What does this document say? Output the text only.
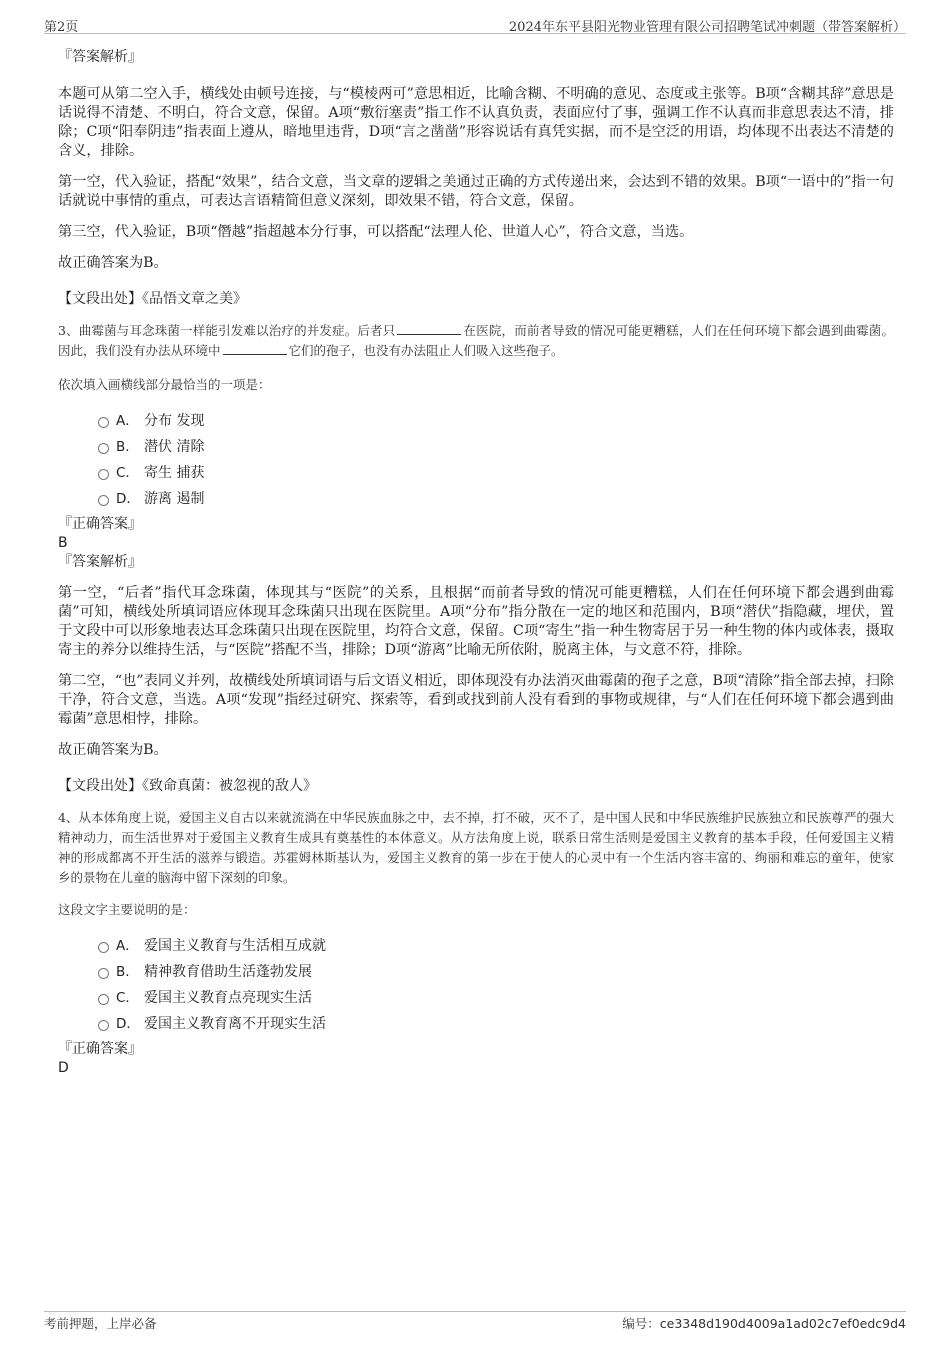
第2页	2024年东平县阳光物业管理有限公司招聘笔试冲刺题（带答案解析）

『答案解析』

本题可从第二空入手，横线处由顿号连接，与“模棱两可”意思相近，比喻含糊、不明确的意见、态度或主张等。B项“含糊其辞”意思是话说得不清楚、不明白，符合文意，保留。A项“敷衍塞责”指工作不认真负责，表面应付了事，强调工作不认真而非意思表达不清，排除；C项“阳奉阴违”指表面上遵从，暗地里违背，D项“言之凿凿”形容说话有真凭实据，而不是空泛的用语，均体现不出表达不清楚的含义，排除。

第一空，代入验证，搭配“效果”，结合文意，当文章的逻辑之美通过正确的方式传递出来，会达到不错的效果。B项“一语中的”指一句话就说中事情的重点，可表达言语精简但意义深刻，即效果不错，符合文意，保留。

第三空，代入验证，B项“僭越”指超越本分行事，可以搭配“法理人伦、世道人心”，符合文意，当选。

故正确答案为B。

【文段出处】《品悟文章之美》

3、曲霉菌与耳念珠菌一样能引发难以治疗的并发症。后者只	在医院，而前者导致的情况可能更糟糕，人们在任何环境下都会遇到曲霉菌。因此，我们没有办法从环境中	它们的孢子，也没有办法阻止人们吸入这些孢子。

依次填入画横线部分最恰当的一项是：

A． 分布 发现
B． 潜伏 清除
C． 寄生 捕获
D． 游离 遏制

『正确答案』

B

『答案解析』

第一空，“后者”指代耳念珠菌，体现其与“医院”的关系，且根据“而前者导致的情况可能更糟糕，人们在任何环境下都会遇到曲霉菌”可知，横线处所填词语应体现耳念珠菌只出现在医院里。A项“分布”指分散在一定的地区和范围内，B项“潜伏”指隐藏，埋伏，置于文段中可以形象地表达耳念珠菌只出现在医院里，均符合文意，保留。C项“寄生”指一种生物寄居于另一种生物的体内或体表，摄取寄主的养分以维持生活，与“医院”搭配不当，排除；D项“游离”比喻无所依附，脱离主体，与文意不符，排除。

第二空，“也”表同义并列，故横线处所填词语与后文语义相近，即体现没有办法消灭曲霉菌的孢子之意，B项“清除”指全部去掉，扫除干净，符合文意，当选。A项“发现”指经过研究、探索等，看到或找到前人没有看到的事物或规律，与“人们在任何环境下都会遇到曲霉菌”意思相悖，排除。

故正确答案为B。

【文段出处】《致命真菌：被忽视的敌人》

4、从本体角度上说，爱国主义自古以来就流淌在中华民族血脉之中，去不掉，打不破，灭不了，是中国人民和中华民族维护民族独立和民族尊严的强大精神动力，而生活世界对于爱国主义教育生成具有奠基性的本体意义。从方法角度上说，联系日常生活则是爱国主义教育的基本手段，任何爱国主义精神的形成都离不开生活的滋养与锻造。苏霍姆林斯基认为，爱国主义教育的第一步在于使人的心灵中有一个生活内容丰富的、绚丽和难忘的童年，使家乡的景物在儿童的脑海中留下深刻的印象。

这段文字主要说明的是：

A． 爱国主义教育与生活相互成就
B． 精神教育借助生活蓬勃发展
C． 爱国主义教育点亮现实生活
D． 爱国主义教育离不开现实生活

『正确答案』

D

考前押题，上岸必备	编号：ce3348d190d4009a1ad02c7ef0edc9d4
